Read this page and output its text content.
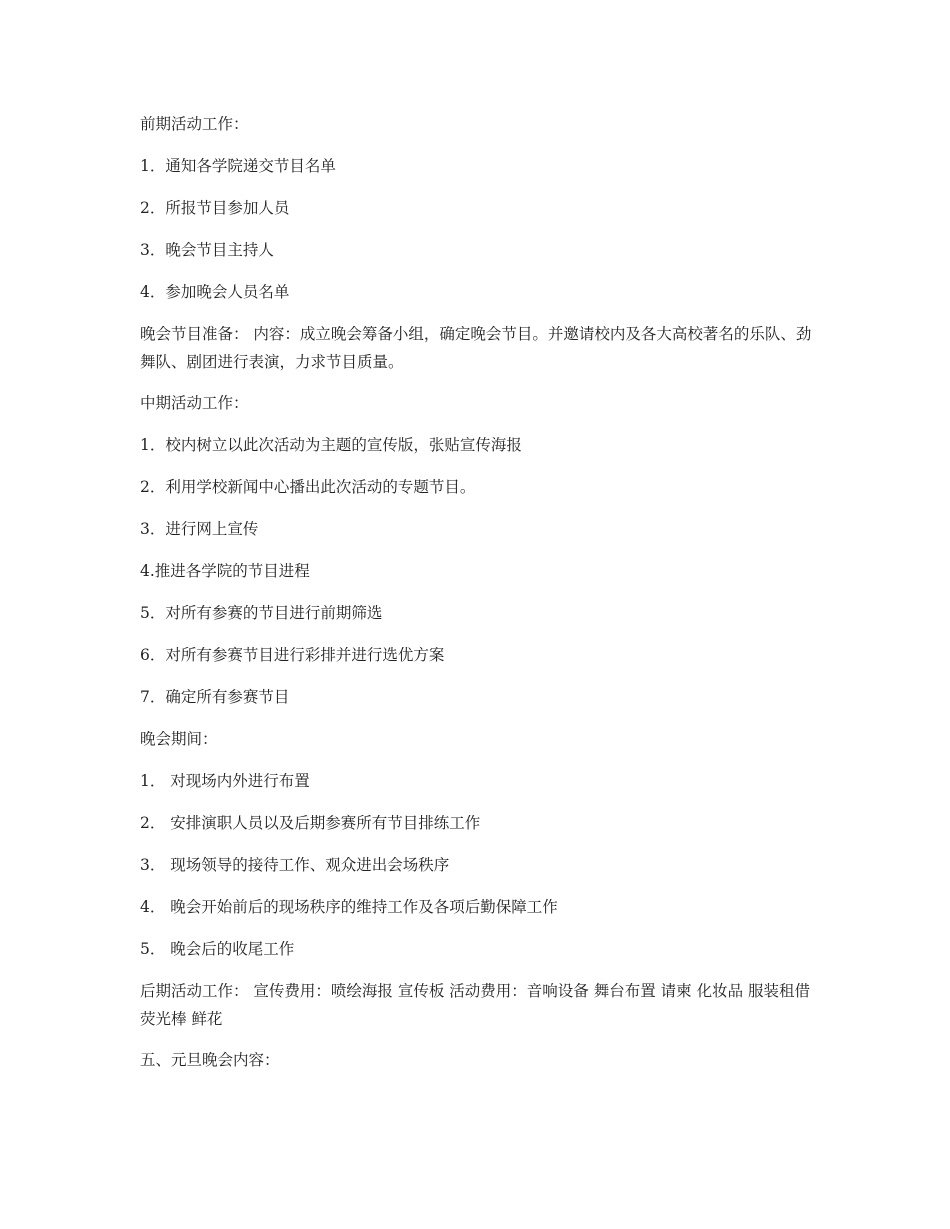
前期活动工作：

1．通知各学院递交节目名单

2．所报节目参加人员

3．晚会节目主持人

4．参加晚会人员名单

晚会节目准备： 内容：成立晚会筹备小组，确定晚会节目。并邀请校内及各大高校著名的乐队、劲舞队、剧团进行表演，力求节目质量。

中期活动工作：

1．校内树立以此次活动为主题的宣传版，张贴宣传海报

2．利用学校新闻中心播出此次活动的专题节目。

3．进行网上宣传

4.推进各学院的节目进程

5．对所有参赛的节目进行前期筛选

6．对所有参赛节目进行彩排并进行选优方案

7．确定所有参赛节目

晚会期间：

1． 对现场内外进行布置

2． 安排演职人员以及后期参赛所有节目排练工作

3． 现场领导的接待工作、观众进出会场秩序

4． 晚会开始前后的现场秩序的维持工作及各项后勤保障工作

5． 晚会后的收尾工作

后期活动工作： 宣传费用：喷绘海报 宣传板 活动费用：音响设备 舞台布置 请柬 化妆品 服装租借 荧光棒 鲜花

五、元旦晚会内容：
